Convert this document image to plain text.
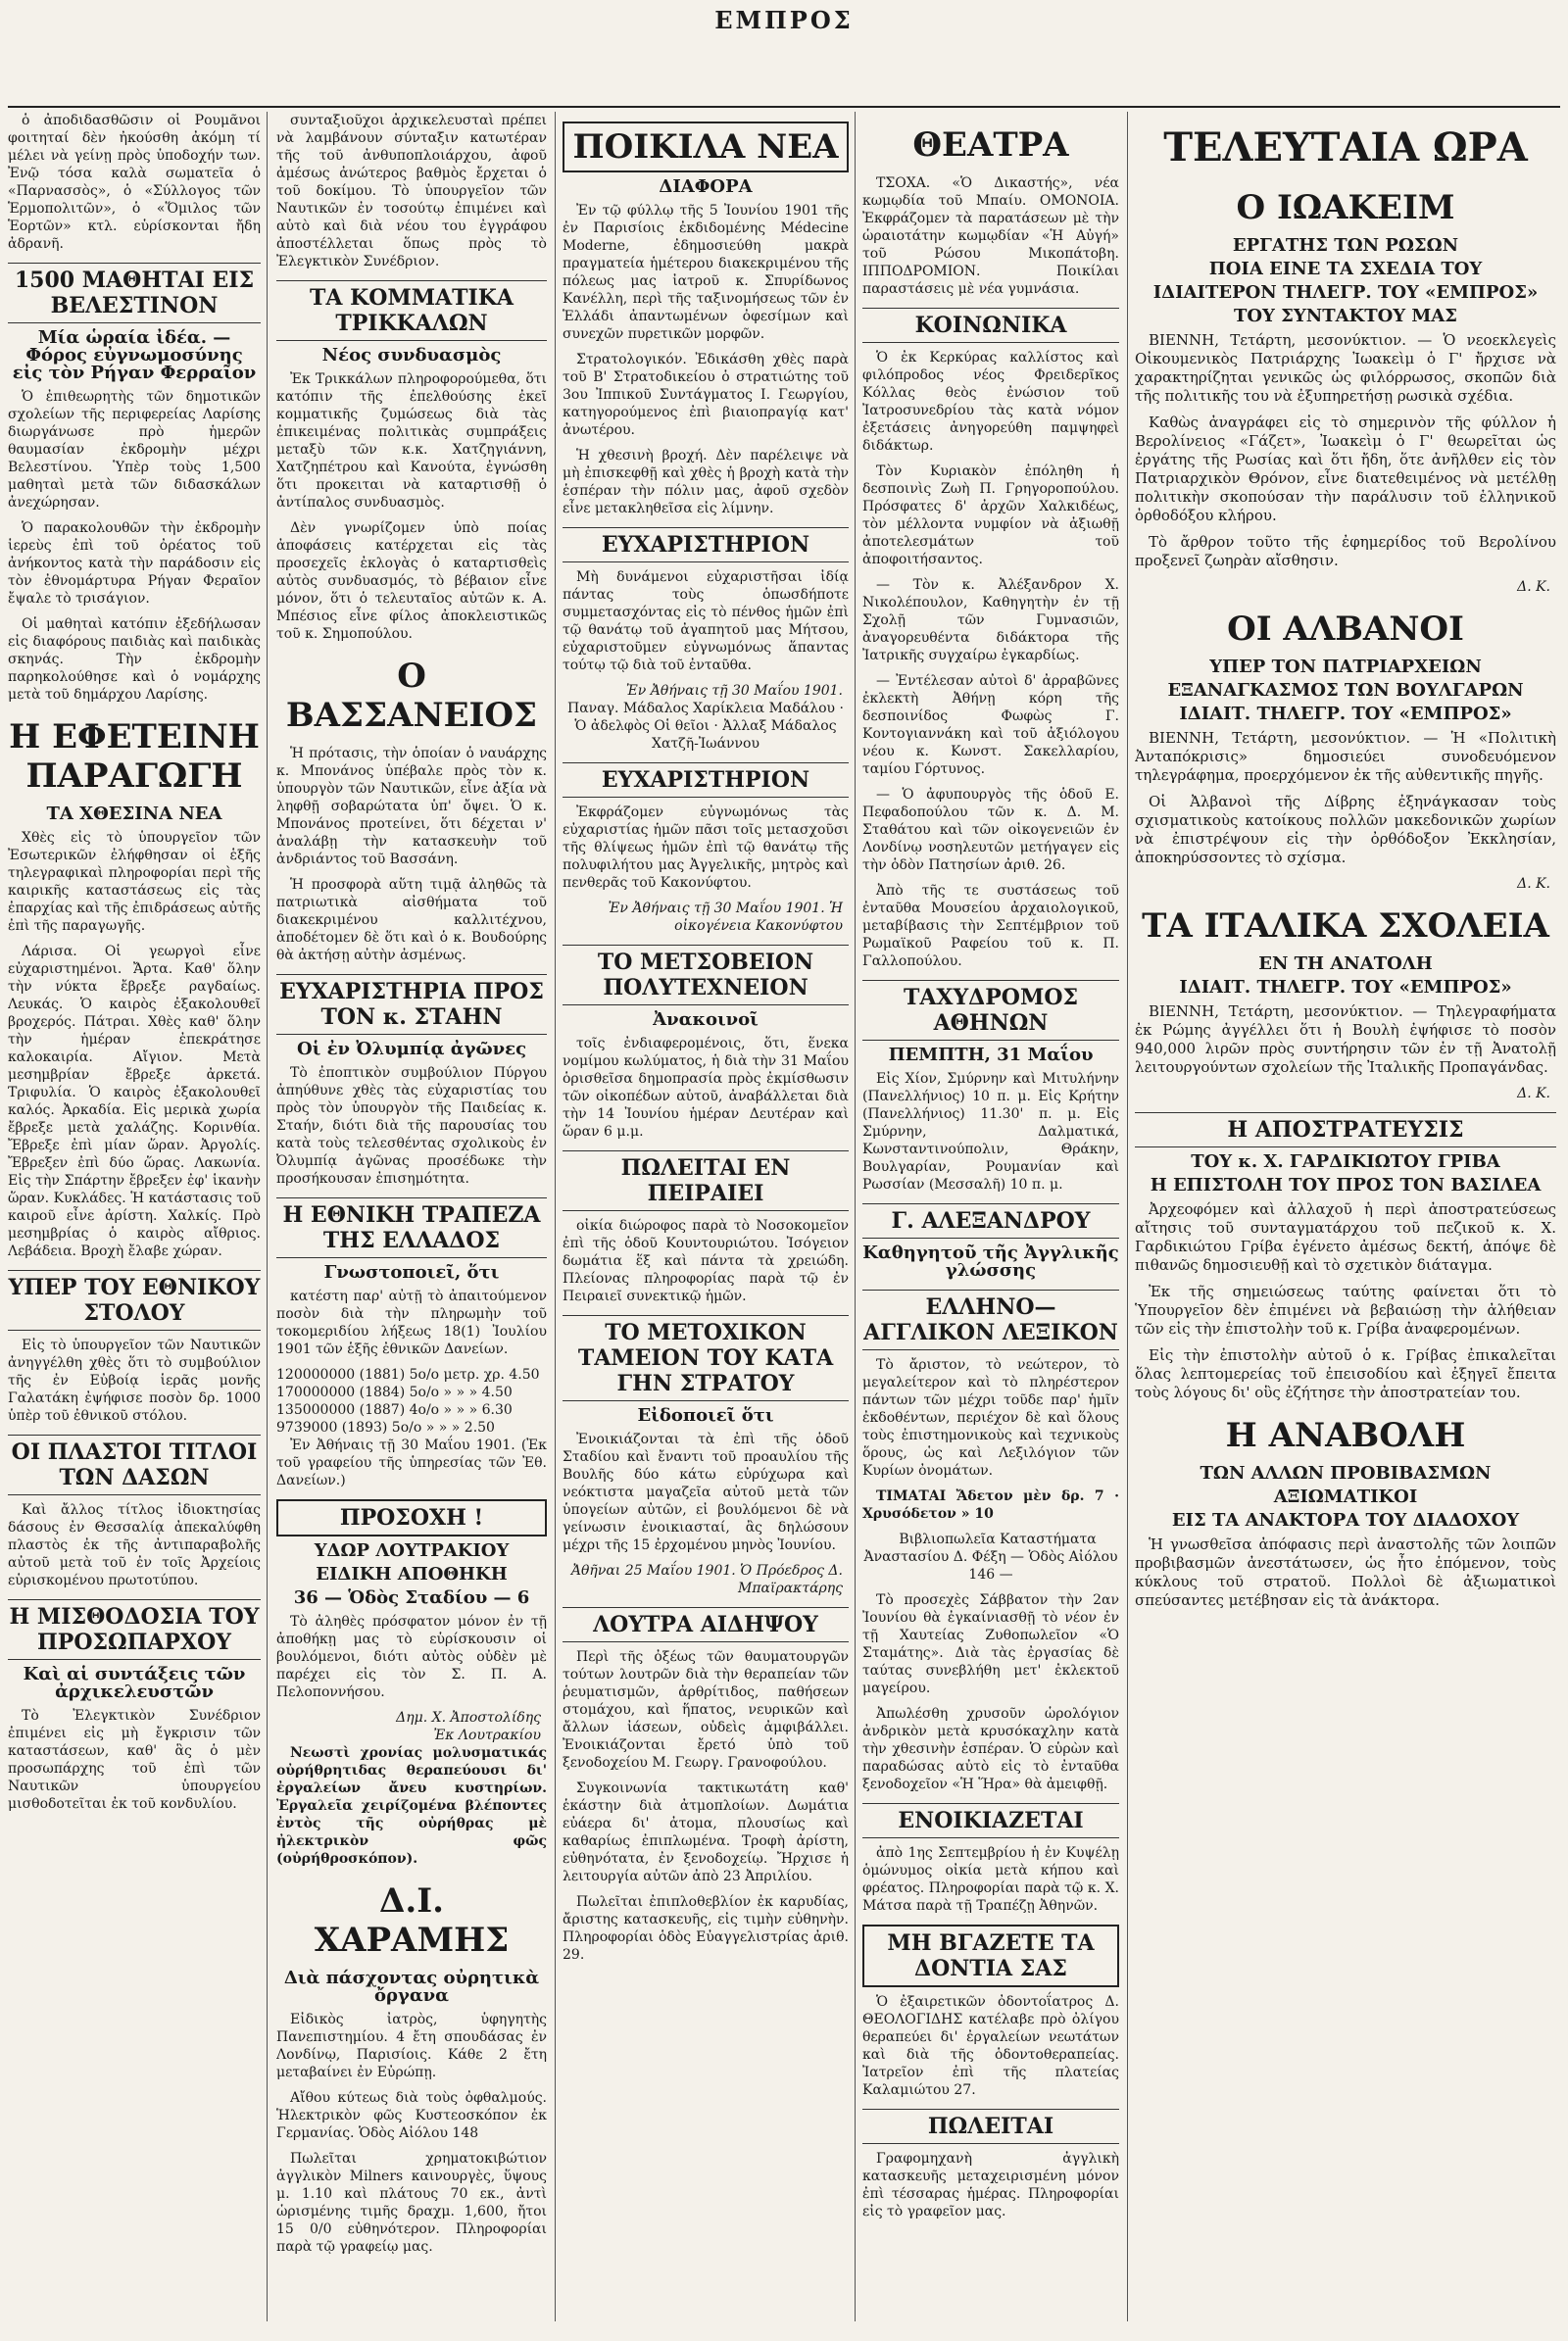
ΕΜΠΡΟΣ

ὁ ἀποδιδασθῶσιν οἱ Ρουμᾶνοι φοιτηταί δὲν ἠκούσθη ἀκόμη τί μέλει νὰ γείνῃ πρὸς ὑποδοχήν των. Ἐνῷ τόσα καλὰ σωματεῖα ὁ «Παρνασσὸς», ὁ «Σύλλογος τῶν Ἑρμοπολιτῶν», ὁ «Ὅμιλος τῶν Ἑορτῶν» κτλ. εὑρίσκονται ἤδη ἀδρανῆ.

1500 ΜΑΘΗΤΑΙ ΕΙΣ ΒΕΛΕΣΤΙΝΟΝ
Μία ὡραία ἰδέα. — Φόρος εὐγνωμοσύνης εἰς τὸν Ρήγαν Φερραῖον

Ὁ ἐπιθεωρητὴς τῶν δημοτικῶν σχολείων τῆς περιφερείας Λαρίσης διωργάνωσε πρὸ ἡμερῶν θαυμασίαν ἐκδρομὴν μέχρι Βελεστίνου. Ὑπὲρ τοὺς 1,500 μαθηταὶ μετὰ τῶν διδασκάλων ἀνεχώρησαν.

Ὁ παρακολουθῶν τὴν ἐκδρομὴν ἱερεὺς ἐπὶ τοῦ ὀρέατος τοῦ ἀνήκοντος κατὰ τὴν παράδοσιν εἰς τὸν ἐθνομάρτυρα Ρήγαν Φεραῖον ἔψαλε τὸ τρισάγιον.

Οἱ μαθηταὶ κατόπιν ἐξεδήλωσαν εἰς διαφόρους παιδιὰς καὶ παιδικὰς σκηνάς. Τὴν ἐκδρομὴν παρηκολούθησε καὶ ὁ νομάρχης μετὰ τοῦ δημάρχου Λαρίσης.

Η ΕΦΕΤΕΙΝΗ ΠΑΡΑΓΩΓΗ
ΤΑ ΧΘΕΣΙΝΑ ΝΕΑ

Χθὲς εἰς τὸ ὑπουργεῖον τῶν Ἐσωτερικῶν ἐλήφθησαν οἱ ἑξῆς τηλεγραφικαὶ πληροφορίαι περὶ τῆς καιρικῆς καταστάσεως εἰς τὰς ἐπαρχίας καὶ τῆς ἐπιδράσεως αὐτῆς ἐπὶ τῆς παραγωγῆς.

Λάρισα. Οἱ γεωργοὶ εἶνε εὐχαριστημένοι. Ἄρτα. Καθ' ὅλην τὴν νύκτα ἔβρεξε ραγδαίως. Λευκάς. Ὁ καιρὸς ἐξακολουθεῖ βροχερός. Πάτραι. Χθὲς καθ' ὅλην τὴν ἡμέραν ἐπεκράτησε καλοκαιρία. Αἴγιον. Μετὰ μεσημβρίαν ἔβρεξε ἀρκετά. Τριφυλία. Ὁ καιρὸς ἐξακολουθεῖ καλός. Ἀρκαδία. Εἰς μερικὰ χωρία ἔβρεξε μετὰ χαλάζης. Κορινθία. Ἔβρεξε ἐπὶ μίαν ὥραν. Ἀργολίς. Ἔβρεξεν ἐπὶ δύο ὥρας. Λακωνία. Εἰς τὴν Σπάρτην ἔβρεξεν ἐφ' ἱκανὴν ὥραν. Κυκλάδες. Ἡ κατάστασις τοῦ καιροῦ εἶνε ἀρίστη. Χαλκίς. Πρὸ μεσημβρίας ὁ καιρὸς αἴθριος. Λεβάδεια. Βροχὴ ἔλαβε χώραν.

ΥΠΕΡ ΤΟΥ ΕΘΝΙΚΟΥ ΣΤΟΛΟΥ

Εἰς τὸ ὑπουργεῖον τῶν Ναυτικῶν ἀνηγγέλθη χθὲς ὅτι τὸ συμβούλιον τῆς ἐν Εὐβοίᾳ ἱερᾶς μονῆς Γαλατάκη ἐψήφισε ποσὸν δρ. 1000 ὑπὲρ τοῦ ἐθνικοῦ στόλου.

ΟΙ ΠΛΑΣΤΟΙ ΤΙΤΛΟΙ ΤΩΝ ΔΑΣΩΝ

Καὶ ἄλλος τίτλος ἰδιοκτησίας δάσους ἐν Θεσσαλίᾳ ἀπεκαλύφθη πλαστὸς ἐκ τῆς ἀντιπαραβολῆς αὐτοῦ μετὰ τοῦ ἐν τοῖς Ἀρχείοις εὑρισκομένου πρωτοτύπου.

Η ΜΙΣΘΟΔΟΣΙΑ ΤΟΥ ΠΡΟΣΩΠΑΡΧΟΥ
Καὶ αἱ συντάξεις τῶν ἀρχικελευστῶν

Τὸ Ἐλεγκτικὸν Συνέδριον ἐπιμένει εἰς μὴ ἔγκρισιν τῶν καταστάσεων, καθ' ἃς ὁ μὲν προσωπάρχης τοῦ ἐπὶ τῶν Ναυτικῶν ὑπουργείου μισθοδοτεῖται ἐκ τοῦ κονδυλίου.

συνταξιοῦχοι ἀρχικελευσταὶ πρέπει νὰ λαμβάνουν σύνταξιν κατωτέραν τῆς τοῦ ἀνθυποπλοιάρχου, ἀφοῦ ἀμέσως ἀνώτερος βαθμὸς ἔρχεται ὁ τοῦ δοκίμου. Τὸ ὑπουργεῖον τῶν Ναυτικῶν ἐν τοσούτῳ ἐπιμένει καὶ αὐτὸ καὶ διὰ νέου του ἐγγράφου ἀποστέλλεται ὅπως πρὸς τὸ Ἐλεγκτικὸν Συνέδριον.

ΤΑ ΚΟΜΜΑΤΙΚΑ ΤΡΙΚΚΑΛΩΝ
Νέος συνδυασμὸς

Ἐκ Τρικκάλων πληροφορούμεθα, ὅτι κατόπιν τῆς ἐπελθούσης ἐκεῖ κομματικῆς ζυμώσεως διὰ τὰς ἐπικειμένας πολιτικὰς συμπράξεις μεταξὺ τῶν κ.κ. Χατζηγιάννη, Χατζηπέτρου καὶ Κανούτα, ἐγνώσθη ὅτι προκειται νὰ καταρτισθῇ ὁ ἀντίπαλος συνδυασμὸς.

Δὲν γνωρίζομεν ὑπὸ ποίας ἀποφάσεις κατέρχεται εἰς τὰς προσεχεῖς ἐκλογὰς ὁ καταρτισθεὶς αὐτὸς συνδυασμός, τὸ βέβαιον εἶνε μόνον, ὅτι ὁ τελευταῖος αὐτῶν κ. Α. Μπέσιος εἶνε φίλος ἀποκλειστικῶς τοῦ κ. Σημοπούλου.

Ο ΒΑΣΣΑΝΕΙΟΣ

Ἡ πρότασις, τὴν ὁποίαν ὁ ναυάρχης κ. Μπονάνος ὑπέβαλε πρὸς τὸν κ. ὑπουργὸν τῶν Ναυτικῶν, εἶνε ἀξία νὰ ληφθῇ σοβαρώτατα ὑπ' ὄψει. Ὁ κ. Μπονάνος προτείνει, ὅτι δέχεται ν' ἀναλάβῃ τὴν κατασκευὴν τοῦ ἀνδριάντος τοῦ Βασσάνη.

Ἡ προσφορὰ αὕτη τιμᾷ ἀληθῶς τὰ πατριωτικὰ αἰσθήματα τοῦ διακεκριμένου καλλιτέχνου, ἀποδέτομεν δὲ ὅτι καὶ ὁ κ. Βουδούρης θὰ ἀκτήσῃ αὐτὴν ἀσμένως.

ΕΥΧΑΡΙΣΤΗΡΙΑ ΠΡΟΣ ΤΟΝ κ. ΣΤΑΗΝ
Οἱ ἐν Ὀλυμπίᾳ ἀγῶνες

Τὸ ἐποπτικὸν συμβούλιον Πύργου ἀπηύθυνε χθὲς τὰς εὐχαριστίας του πρὸς τὸν ὑπουργὸν τῆς Παιδείας κ. Σταήν, διότι διὰ τῆς παρουσίας του κατὰ τοὺς τελεσθέντας σχολικοὺς ἐν Ὀλυμπίᾳ ἀγῶνας προσέδωκε τὴν προσήκουσαν ἐπισημότητα.

Η ΕΘΝΙΚΗ ΤΡΑΠΕΖΑ ΤΗΣ ΕΛΛΑΔΟΣ
Γνωστοποιεῖ, ὅτι

κατέστη παρ' αὐτῇ τὸ ἀπαιτούμενον ποσὸν διὰ τὴν πληρωμὴν τοῦ τοκομεριδίου λήξεως 18(1) Ἰουλίου 1901 τῶν ἑξῆς ἐθνικῶν Δανείων.

120000000 (1881) 5ο/ο μετρ. χρ. 4.50
170000000 (1884) 5ο/ο » » » 4.50
135000000 (1887) 4ο/ο » » » 6.30
9739000 (1893) 5ο/ο » » » 2.50

Ἐν Ἀθήναις τῇ 30 Μαΐου 1901. (Ἐκ τοῦ γραφείου τῆς ὑπηρεσίας τῶν Ἐθ. Δανείων.)

ΠΡΟΣΟΧΗ !
ΥΔΩΡ ΛΟΥΤΡΑΚΙΟΥ
ΕΙΔΙΚΗ ΑΠΟΘΗΚΗ
36 — Ὁδὸς Σταδίου — 6

Τὸ ἀληθὲς πρόσφατον μόνον ἐν τῇ ἀποθήκῃ μας τὸ εὑρίσκουσιν οἱ βουλόμενοι, διότι αὐτὸς οὐδὲν μὲ παρέχει εἰς τὸν Σ. Π. Α. Πελοποννήσου.

Δημ. Χ. Ἀποστολίδης
Ἐκ Λουτρακίου

Νεωστὶ χρονίας μολυσματικάς οὐρήθρητιδας θεραπεύουσι δι' ἐργαλείων ἄνευ κυστηρίων. Ἐργαλεῖα χειρίζομένα βλέποντες ἐντὸς τῆς οὐρήθρας μὲ ἠλεκτρικὸν φῶς (οὐρήθροσκόπον).

Δ.Ι. ΧΑΡΑΜΗΣ
Διὰ πάσχοντας οὐρητικὰ ὄργανα

Εἰδικὸς ἰατρὸς, ὑφηγητὴς Πανεπιστημίου. 4 ἔτη σπουδάσας ἐν Λονδίνῳ, Παρισίοις. Κάθε 2 ἔτη μεταβαίνει ἐν Εὐρώπῃ.

Αἴθου κύτεως διὰ τοὺς ὀφθαλμούς. Ἡλεκτρικὸν φῶς Κυστεοσκόπον ἐκ Γερμανίας. Ὁδὸς Αἰόλου 148

Πωλεῖται χρηματοκιβώτιον ἀγγλικὸν Milners καινουργὲς, ὕψους μ. 1.10 καὶ πλάτους 70 εκ., ἀντὶ ὡρισμένης τιμῆς δραχμ. 1,600, ἤτοι 15 0/0 εὐθηνότερον. Πληροφορίαι παρὰ τῷ γραφείῳ μας.

ΠΟΙΚΙΛΑ ΝΕΑ
ΔΙΑΦΟΡΑ

Ἐν τῷ φύλλῳ τῆς 5 Ἰουνίου 1901 τῆς ἐν Παρισίοις ἐκδιδομένης Médecine Moderne, ἐδημοσιεύθη μακρὰ πραγματεία ἡμέτερου διακεκριμένου τῆς πόλεως μας ἰατροῦ κ. Σπυρίδωνος Κανέλλη, περὶ τῆς ταξινομήσεως τῶν ἐν Ἑλλάδι ἀπαντωμένων ὀφεσίμων καὶ συνεχῶν πυρετικῶν μορφῶν.

Στρατολογικόν. Ἐδικάσθη χθὲς παρὰ τοῦ Β' Στρατοδικείου ὁ στρατιώτης τοῦ 3ου Ἰππικοῦ Συντάγματος Ι. Γεωργίου, κατηγορούμενος ἐπὶ βιαιοπραγίᾳ κατ' ἀνωτέρου.

Ἡ χθεσινὴ βροχή. Δὲν παρέλειψε νὰ μὴ ἐπισκεφθῇ καὶ χθὲς ἡ βροχὴ κατὰ τὴν ἑσπέραν τὴν πόλιν μας, ἀφοῦ σχεδὸν εἶνε μετακληθεῖσα εἰς λίμνην.

ΕΥΧΑΡΙΣΤΗΡΙΟΝ

Μὴ δυνάμενοι εὐχαριστῆσαι ἰδίᾳ πάντας τοὺς ὁπωσδήποτε συμμετασχόντας εἰς τὸ πένθος ἡμῶν ἐπὶ τῷ θανάτῳ τοῦ ἀγαπητοῦ μας Μήτσου, εὐχαριστοῦμεν εὐγνωμόνως ἅπαντας τούτῳ τῷ διὰ τοῦ ἐνταῦθα.

Ἐν Ἀθήναις τῇ 30 Μαΐου 1901.
Παναγ. Μάδαλος Χαρίκλεια Μαδάλου · Ὁ ἀδελφὸς Οἱ θεῖοι · Ἀλλαξ Μάδαλος Χατζῆ-Ἰωάννου
ΕΥΧΑΡΙΣΤΗΡΙΟΝ

Ἐκφράζομεν εὐγνωμόνως τὰς εὐχαριστίας ἡμῶν πᾶσι τοῖς μετασχοῦσι τῆς θλίψεως ἡμῶν ἐπὶ τῷ θανάτῳ τῆς πολυφιλήτου μας Ἀγγελικῆς, μητρὸς καὶ πενθερᾶς τοῦ Κακονύφτου.

Ἐν Ἀθήναις τῇ 30 Μαΐου 1901. Ἡ οἰκογένεια Κακονύφτου
ΤΟ ΜΕΤΣΟΒΕΙΟΝ ΠΟΛΥΤΕΧΝΕΙΟΝ
Ἀνακοινοῖ

τοῖς ἐνδιαφερομένοις, ὅτι, ἕνεκα νομίμου κωλύματος, ἡ διὰ τὴν 31 Μαΐου ὁρισθεῖσα δημοπρασία πρὸς ἐκμίσθωσιν τῶν οἰκοπέδων αὐτοῦ, ἀναβάλλεται διὰ τὴν 14 Ἰουνίου ἡμέραν Δευτέραν καὶ ὥραν 6 μ.μ.

ΠΩΛΕΙΤΑΙ ΕΝ ΠΕΙΡΑΙΕΙ

οἰκία διώροφος παρὰ τὸ Νοσοκομεῖον ἐπὶ τῆς ὁδοῦ Κουντουριώτου. Ἰσόγειον δωμάτια ἕξ καὶ πάντα τὰ χρειώδη. Πλείονας πληροφορίας παρὰ τῷ ἐν Πειραιεῖ συνεκτικῷ ἡμῶν.

ΤΟ ΜΕΤΟΧΙΚΟΝ ΤΑΜΕΙΟΝ ΤΟΥ ΚΑΤΑ ΓΗΝ ΣΤΡΑΤΟΥ
Εἰδοποιεῖ ὅτι

Ἐνοικιάζονται τὰ ἐπὶ τῆς ὁδοῦ Σταδίου καὶ ἔναντι τοῦ προαυλίου τῆς Βουλῆς δύο κάτω εὐρύχωρα καὶ νεόκτιστα μαγαζεῖα αὐτοῦ μετὰ τῶν ὑπογείων αὐτῶν, εἰ βουλόμενοι δὲ νὰ γείνωσιν ἐνοικιασταί, ἂς δηλώσουν μέχρι τῆς 15 ἐρχομένου μηνὸς Ἰουνίου.

Ἀθῆναι 25 Μαΐου 1901. Ὁ Πρόεδρος Δ. Μπαϊρακτάρης
ΛΟΥΤΡΑ ΑΙΔΗΨΟΥ

Περὶ τῆς ὀξέως τῶν θαυματουργῶν τούτων λουτρῶν διὰ τὴν θεραπείαν τῶν ῥευματισμῶν, ἀρθρίτιδος, παθήσεων στομάχου, καὶ ἥπατος, νευρικῶν καὶ ἄλλων ἰάσεων, οὐδεὶς ἀμφιβάλλει. Ἐνοικιάζονται ἔρετό ὑπὸ τοῦ ξενοδοχείου Μ. Γεωργ. Γρανοφούλου.

Συγκοινωνία τακτικωτάτη καθ' ἑκάστην διὰ ἀτμοπλοίων. Δωμάτια εὐάερα δι' ἀτομα, πλουσίως καὶ καθαρίως ἐπιπλωμένα. Τροφὴ ἀρίστη, εὐθηνότατα, ἐν ξενοδοχείῳ. Ἤρχισε ἡ λειτουργία αὐτῶν ἀπὸ 23 Ἀπριλίου.

Πωλεῖται ἐπιπλοθεβλίον ἐκ καρυδίας, ἄριστης κατασκευῆς, εἰς τιμὴν εὐθηνὴν. Πληροφορίαι ὁδὸς Εὐαγγελιστρίας ἀριθ. 29.

ΘΕΑΤΡΑ

ΤΣΟΧΑ. «Ὁ Δικαστής», νέα κωμῳδία τοῦ Μπαίυ. ΟΜΟΝΟΙΑ. Ἐκφράζομεν τὰ παρατάσεων μὲ τὴν ὡραιοτάτην κωμῳδίαν «Ἡ Αὐγή» τοῦ Ρώσου Μικοπάτοβη. ΙΠΠΟΔΡΟΜΙΟΝ. Ποικίλαι παραστάσεις μὲ νέα γυμνάσια.

ΚΟΙΝΩΝΙΚΑ

Ὁ ἐκ Κερκύρας καλλίστος καὶ φιλόπροδος νέος Φρειδερῖκος Κόλλας θεὸς ἐνώσιον τοῦ Ἰατροσυνεδρίου τὰς κατὰ νόμον ἐξετάσεις ἀνηγορεύθη παμψηφεὶ διδάκτωρ.

Τὸν Κυριακὸν ἐπόληθη ἡ δεσποινὶς Ζωὴ Π. Γρηγοροπούλου. Πρόσφατες δ' ἀρχῶν Χαλκιδέως, τὸν μέλλοντα νυμφίον νὰ ἀξιωθῇ ἀποτελεσμάτων τοῦ ἀποφοιτήσαντος.

— Τὸν κ. Ἀλέξανδρον Χ. Νικολέπουλον, Καθηγητὴν ἐν τῇ Σχολῇ τῶν Γυμνασιῶν, ἀναγορευθέντα διδάκτορα τῆς Ἰατρικῆς συγχαίρω ἐγκαρδίως.

— Ἐντέλεσαν αὐτοὶ δ' ἀρραβῶνες ἐκλεκτὴ Ἀθήνῃ κόρη τῆς δεσποινίδος Φωφὼς Γ. Κοντογιαννάκη καὶ τοῦ ἀξιόλογου νέου κ. Κωνστ. Σακελλαρίου, ταμίου Γόρτυνος.

— Ὁ ἀφυπουργὸς τῆς ὁδοῦ Ε. Πεφαδοπούλου τῶν κ. Δ. Μ. Σταθάτου καὶ τῶν οἰκογενειῶν ἐν Λονδίνῳ νοσηλευτῶν μετήγαγεν εἰς τὴν ὁδὸν Πατησίων ἀριθ. 26.

Ἀπὸ τῆς τε συστάσεως τοῦ ἐνταῦθα Μουσείου ἀρχαιολογικοῦ, μεταβίβασις τὴν Σεπτέμβριον τοῦ Ρωμαϊκοῦ Ραφείου τοῦ κ. Π. Γαλλοπούλου.

ΤΑΧΥΔΡΟΜΟΣ ΑΘΗΝΩΝ
ΠΕΜΠΤΗ, 31 Μαΐου

Εἰς Χίον, Σμύρνην καὶ Μιτυλήνην (Πανελλήνιος) 10 π. μ. Εἰς Κρήτην (Πανελλήνιος) 11.30' π. μ. Εἰς Σμύρνην, Δαλματικά, Κωνσταντινούπολιν, Θράκην, Βουλγαρίαν, Ρουμανίαν καὶ Ρωσσίαν (Μεσσαλῆ) 10 π. μ.

Γ. ΑΛΕΞΑΝΔΡΟΥ
Καθηγητοῦ τῆς Ἀγγλικῆς γλώσσης
ΕΛΛΗΝΟ—ΑΓΓΛΙΚΟΝ ΛΕΞΙΚΟΝ

Τὸ ἄριστον, τὸ νεώτερον, τὸ μεγαλείτερον καὶ τὸ πληρέστερον πάντων τῶν μέχρι τοῦδε παρ' ἡμῖν ἐκδοθέντων, περιέχον δὲ καὶ ὅλους τοὺς ἐπιστημονικοὺς καὶ τεχνικοὺς ὅρους, ὡς καὶ Λεξιλόγιον τῶν Κυρίων ὀνομάτων.

ΤΙΜΑΤΑΙ Ἄδετον μὲν δρ. 7 · Χρυσόδετον » 10

Βιβλιοπωλεῖα Καταστήματα Ἀναστασίου Δ. Φέξη — Ὁδὸς Αἰόλου 146 —

Τὸ προσεχὲς Σάββατον τὴν 2αν Ἰουνίου θὰ ἐγκαίνιασθῇ τὸ νέον ἐν τῇ Χαυτείας Ζυθοπωλεῖον «Ὁ Σταμάτης». Διὰ τὰς ἐργασίας δὲ ταύτας συνεβλήθη μετ' ἐκλεκτοῦ μαγείρου.

Ἀπωλέσθη χρυσοῦν ὡρολόγιον ἀνδρικὸν μετὰ κρυσόκαχλην κατὰ τὴν χθεσινὴν ἑσπέραν. Ὁ εὑρὼν καὶ παραδώσας αὐτὸ εἰς τὸ ἐνταῦθα ξενοδοχεῖον «Ἡ Ἥρα» θὰ ἀμειφθῇ.

ΕΝΟΙΚΙΑΖΕΤΑΙ

ἀπὸ 1ης Σεπτεμβρίου ἡ ἐν Κυψέλῃ ὁμώνυμος οἰκία μετὰ κήπου καὶ φρέατος. Πληροφορίαι παρὰ τῷ κ. Χ. Μάτσα παρὰ τῇ Τραπέζῃ Ἀθηνῶν.

ΜΗ ΒΓΑΖΕΤΕ ΤΑ ΔΟΝΤΙΑ ΣΑΣ

Ὁ ἐξαιρετικῶν ὀδοντοΐατρος Δ. ΘΕΟΛΟΓΙΔΗΣ κατέλαβε πρὸ ὀλίγου θεραπεύει δι' ἐργαλείων νεωτάτων καὶ διὰ τῆς ὁδοντοθεραπείας. Ἰατρεῖον ἐπὶ τῆς πλατείας Καλαμιώτου 27.

ΠΩΛΕΙΤΑΙ

Γραφομηχανὴ ἀγγλικὴ κατασκευῆς μεταχειρισμένη μόνον ἐπὶ τέσσαρας ἡμέρας. Πληροφορίαι εἰς τὸ γραφεῖον μας.

ΤΕΛΕΥΤΑΙΑ ΩΡΑ
Ο ΙΩΑΚΕΙΜ
ΕΡΓΑΤΗΣ ΤΩΝ ΡΩΣΩΝ
ΠΟΙΑ ΕΙΝΕ ΤΑ ΣΧΕΔΙΑ ΤΟΥ
ΙΔΙΑΙΤΕΡΟΝ ΤΗΛΕΓΡ. ΤΟΥ «ΕΜΠΡΟΣ»
ΤΟΥ ΣΥΝΤΑΚΤΟΥ ΜΑΣ

ΒΙΕΝΝΗ, Τετάρτη, μεσονύκτιον. — Ὁ νεοεκλεγεὶς Οἰκουμενικὸς Πατριάρχης Ἰωακεὶμ ὁ Γ' ἤρχισε νὰ χαρακτηρίζηται γενικῶς ὡς φιλόρρωσος, σκοπῶν διὰ τῆς πολιτικῆς του νὰ ἐξυπηρετήσῃ ρωσικὰ σχέδια.

Καθὼς ἀναγράφει εἰς τὸ σημερινὸν τῆς φύλλον ἡ Βερολίνειος «Γάζετ», Ἰωακεὶμ ὁ Γ' θεωρεῖται ὡς ἐργάτης τῆς Ρωσίας καὶ ὅτι ἤδη, ὅτε ἀνῆλθεν εἰς τὸν Πατριαρχικὸν Θρόνον, εἶνε διατεθειμένος νὰ μετέλθῃ πολιτικὴν σκοπούσαν τὴν παράλυσιν τοῦ ἑλληνικοῦ ὀρθοδόξου κλήρου.

Τὸ ἄρθρον τοῦτο τῆς ἐφημερίδος τοῦ Βερολίνου προξενεῖ ζωηρὰν αἴσθησιν.

Δ. Κ.
ΟΙ ΑΛΒΑΝΟΙ
ΥΠΕΡ ΤΟΝ ΠΑΤΡΙΑΡΧΕΙΩΝ
ΕΞΑΝΑΓΚΑΣΜΟΣ ΤΩΝ ΒΟΥΛΓΑΡΩΝ
ΙΔΙΑΙΤ. ΤΗΛΕΓΡ. ΤΟΥ «ΕΜΠΡΟΣ»

ΒΙΕΝΝΗ, Τετάρτη, μεσονύκτιον. — Ἡ «Πολιτικὴ Ἀνταπόκρισις» δημοσιεύει συνοδευόμενον τηλεγράφημα, προερχόμενον ἐκ τῆς αὐθεντικῆς πηγῆς.

Οἱ Ἀλβανοὶ τῆς Δίβρης ἐξηνάγκασαν τοὺς σχισματικοὺς κατοίκους πολλῶν μακεδονικῶν χωρίων νὰ ἐπιστρέψουν εἰς τὴν ὀρθόδοξον Ἐκκλησίαν, ἀποκηρύσσοντες τὸ σχίσμα.

Δ. Κ.
ΤΑ ΙΤΑΛΙΚΑ ΣΧΟΛΕΙΑ
ΕΝ ΤΗ ΑΝΑΤΟΛΗ
ΙΔΙΑΙΤ. ΤΗΛΕΓΡ. ΤΟΥ «ΕΜΠΡΟΣ»

ΒΙΕΝΝΗ, Τετάρτη, μεσονύκτιον. — Τηλεγραφήματα ἐκ Ρώμης ἀγγέλλει ὅτι ἡ Βουλὴ ἐψήφισε τὸ ποσὸν 940,000 λιρῶν πρὸς συντήρησιν τῶν ἐν τῇ Ἀνατολῇ λειτουργούντων σχολείων τῆς Ἰταλικῆς Προπαγάνδας.

Δ. Κ.
Η ΑΠΟΣΤΡΑΤΕΥΣΙΣ
ΤΟΥ κ. Χ. ΓΑΡΔΙΚΙΩΤΟΥ ΓΡΙΒΑ
Η ΕΠΙΣΤΟΛΗ ΤΟΥ ΠΡΟΣ ΤΟΝ ΒΑΣΙΛΕΑ

Ἀρχεοφόμεν καὶ ἀλλαχοῦ ἡ περὶ ἀποστρατεύσεως αἴτησις τοῦ συνταγματάρχου τοῦ πεζικοῦ κ. Χ. Γαρδικιώτου Γρίβα ἐγένετο ἀμέσως δεκτή, ἀπόψε δὲ πιθανῶς δημοσιευθῇ καὶ τὸ σχετικὸν διάταγμα.

Ἐκ τῆς σημειώσεως ταύτης φαίνεται ὅτι τὸ Ὑπουργεῖον δὲν ἐπιμένει νὰ βεβαιώσῃ τὴν ἀλήθειαν τῶν εἰς τὴν ἐπιστολὴν τοῦ κ. Γρίβα ἀναφερομένων.

Εἰς τὴν ἐπιστολὴν αὐτοῦ ὁ κ. Γρίβας ἐπικαλεῖται ὅλας λεπτομερείας τοῦ ἐπεισοδίου καὶ ἐξηγεῖ ἔπειτα τοὺς λόγους δι' οὓς ἐζήτησε τὴν ἀποστρατείαν του.

Η ΑΝΑΒΟΛΗ
ΤΩΝ ΑΛΛΩΝ ΠΡΟΒΙΒΑΣΜΩΝ
ΑΞΙΩΜΑΤΙΚΟΙ
ΕΙΣ ΤΑ ΑΝΑΚΤΟΡΑ ΤΟΥ ΔΙΑΔΟΧΟΥ

Ἡ γνωσθεῖσα ἀπόφασις περὶ ἀναστολῆς τῶν λοιπῶν προβιβασμῶν ἀνεστάτωσεν, ὡς ἦτο ἑπόμενον, τοὺς κύκλους τοῦ στρατοῦ. Πολλοὶ δὲ ἀξιωματικοὶ σπεύσαντες μετέβησαν εἰς τὰ ἀνάκτορα.
